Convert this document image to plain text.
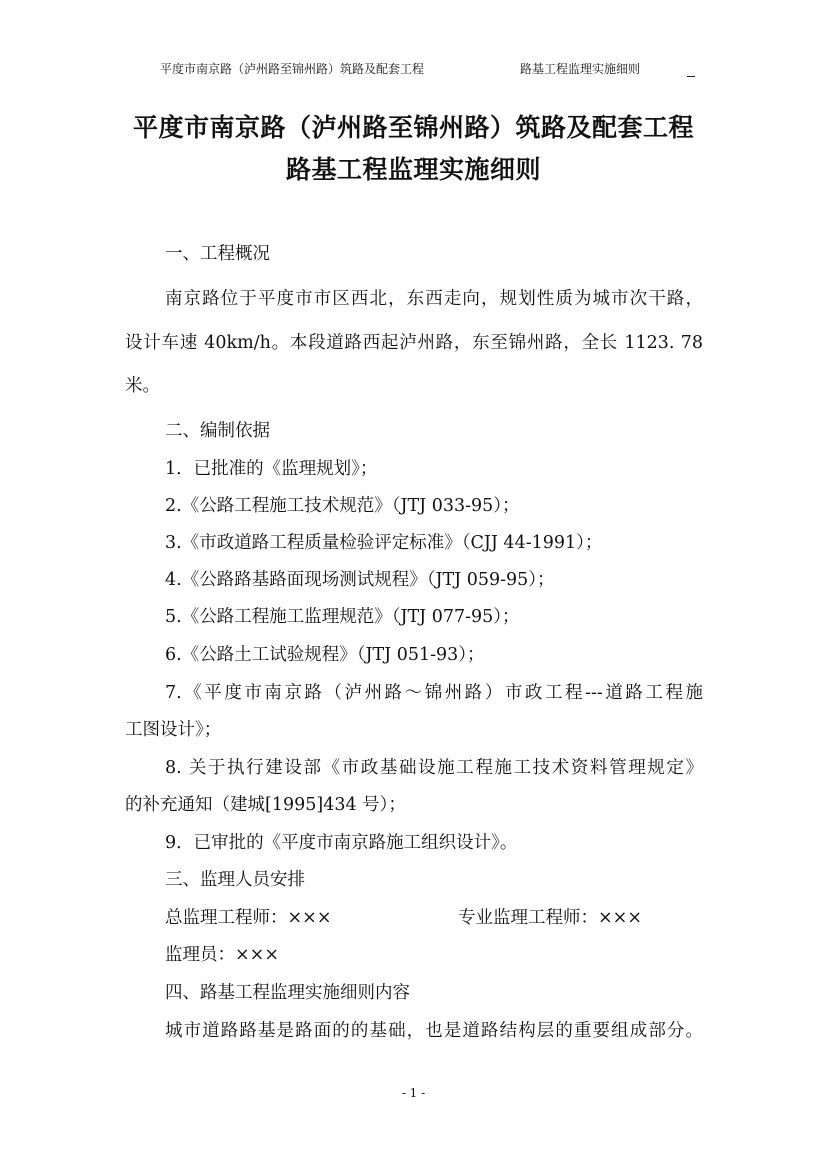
平度市南京路（泸州路至锦州路）筑路及配套工程	路基工程监理实施细则
平度市南京路（泸州路至锦州路）筑路及配套工程
路基工程监理实施细则
一、工程概况
南京路位于平度市市区西北，东西走向，规划性质为城市次干路，
设计车速 40km/h。本段道路西起泸州路，东至锦州路，全长 1123. 78
米。
二、编制依据
1．已批准的《监理规划》；
2.《公路工程施工技术规范》（JTJ 033-95）；
3.《市政道路工程质量检验评定标准》（CJJ 44-1991）；
4.《公路路基路面现场测试规程》（JTJ 059-95）；
5.《公路工程施工监理规范》（JTJ 077-95）；
6.《公路土工试验规程》（JTJ 051-93）；
7.《平度市南京路（泸州路～锦州路）市政工程---道路工程施
工图设计》；
8. 关于执行建设部《市政基础设施工程施工技术资料管理规定》
的补充通知（建城[1995]434 号）；
9．已审批的《平度市南京路施工组织设计》。
三、监理人员安排
总监理工程师：×××	专业监理工程师：×××
监理员：×××
四、路基工程监理实施细则内容
城市道路路基是路面的的基础，也是道路结构层的重要组成部分。
- 1 -
